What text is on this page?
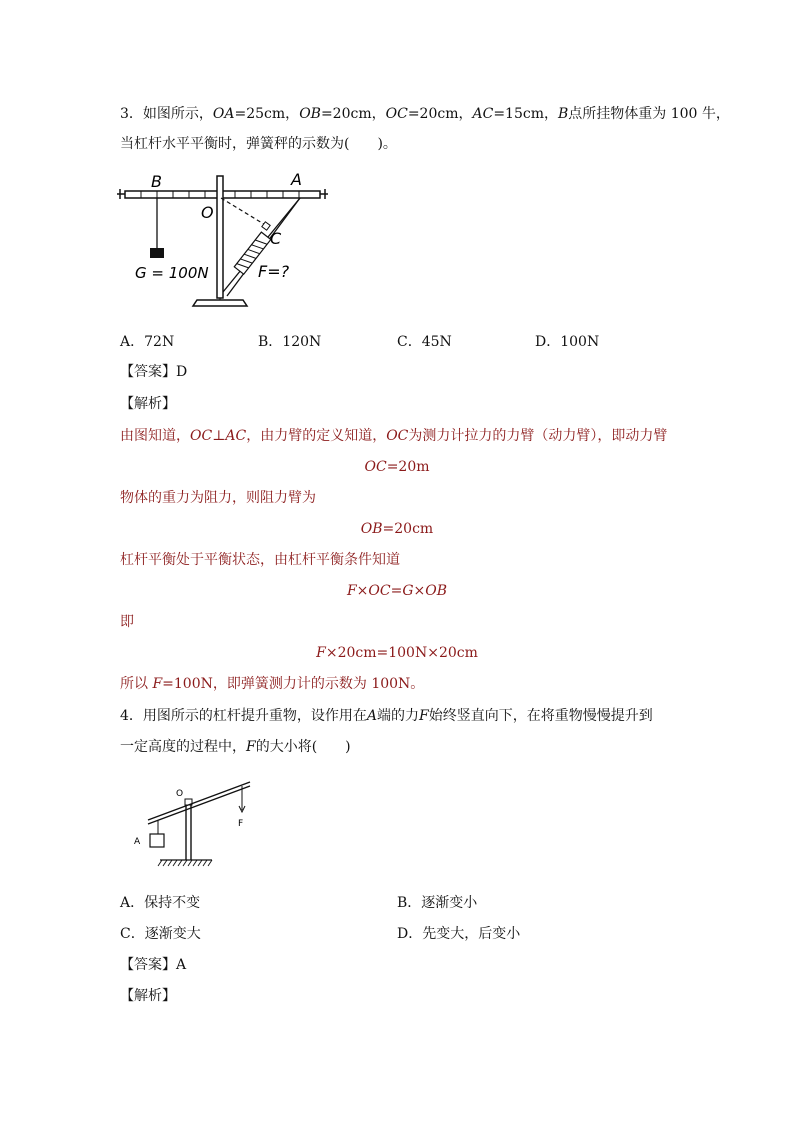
3．如图所示，OA=25cm，OB=20cm，OC=20cm，AC=15cm，B点所挂物体重为 100 牛，
当杠杆水平平衡时，弹簧秤的示数为(　　)。
B	A
O
C
G = 100N	F=?
A．72N	B．120N	C．45N	D．100N
【答案】D
【解析】
由图知道，OC⊥AC，由力臂的定义知道，OC为测力计拉力的力臂（动力臂），即动力臂
OC=20m
物体的重力为阻力，则阻力臂为
OB=20cm
杠杆平衡处于平衡状态，由杠杆平衡条件知道
F×OC=G×OB
即
F×20cm=100N×20cm
所以 F=100N，即弹簧测力计的示数为 100N。
4．用图所示的杠杆提升重物，设作用在A端的力F始终竖直向下，在将重物慢慢提升到
一定高度的过程中，F的大小将(　　)
O
A
F
A．保持不变	B．逐渐变小
C．逐渐变大	D．先变大，后变小
【答案】A
【解析】
